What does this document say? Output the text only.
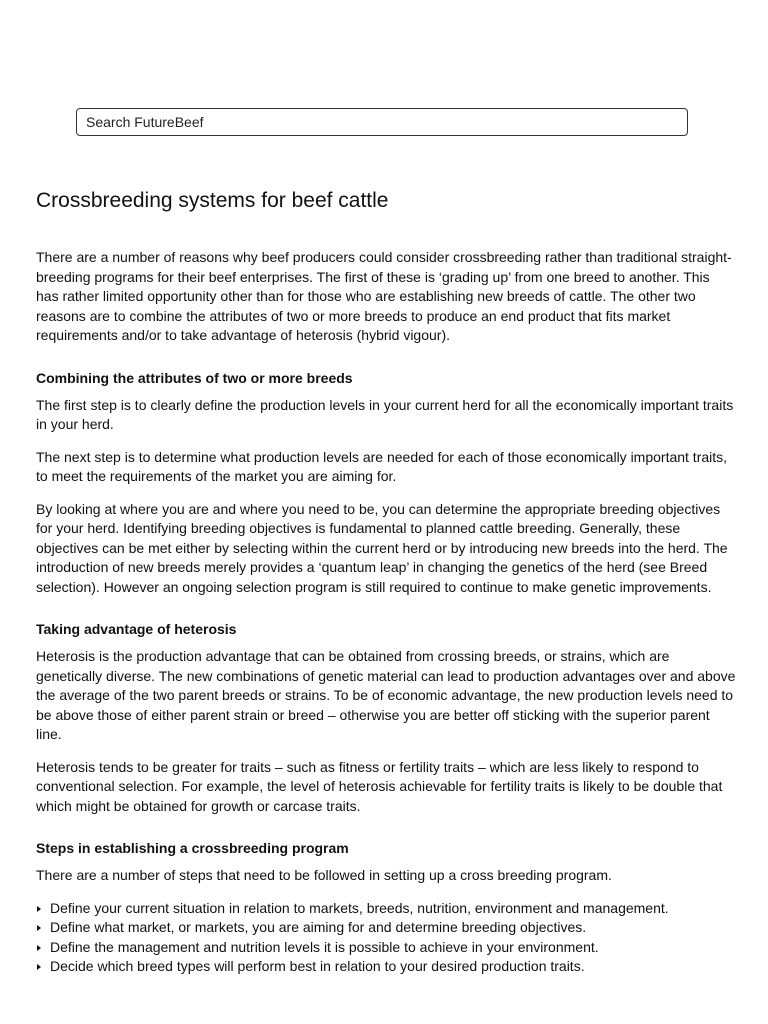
Search FutureBeef
Crossbreeding systems for beef cattle

There are a number of reasons why beef producers could consider crossbreeding rather than traditional straight-breeding programs for their beef enterprises. The first of these is ‘grading up’ from one breed to another. This has rather limited opportunity other than for those who are establishing new breeds of cattle. The other two reasons are to combine the attributes of two or more breeds to produce an end product that fits market requirements and/or to take advantage of heterosis (hybrid vigour).

Combining the attributes of two or more breeds

The first step is to clearly define the production levels in your current herd for all the economically important traits in your herd.

The next step is to determine what production levels are needed for each of those economically important traits, to meet the requirements of the market you are aiming for.

By looking at where you are and where you need to be, you can determine the appropriate breeding objectives for your herd. Identifying breeding objectives is fundamental to planned cattle breeding. Generally, these objectives can be met either by selecting within the current herd or by introducing new breeds into the herd. The introduction of new breeds merely provides a ‘quantum leap’ in changing the genetics of the herd (see Breed selection). However an ongoing selection program is still required to continue to make genetic improvements.

Taking advantage of heterosis

Heterosis is the production advantage that can be obtained from crossing breeds, or strains, which are genetically diverse. The new combinations of genetic material can lead to production advantages over and above the average of the two parent breeds or strains. To be of economic advantage, the new production levels need to be above those of either parent strain or breed – otherwise you are better off sticking with the superior parent line.

Heterosis tends to be greater for traits – such as fitness or fertility traits – which are less likely to respond to conventional selection. For example, the level of heterosis achievable for fertility traits is likely to be double that which might be obtained for growth or carcase traits.

Steps in establishing a crossbreeding program

There are a number of steps that need to be followed in setting up a cross breeding program.

Define your current situation in relation to markets, breeds, nutrition, environment and management.
Define what market, or markets, you are aiming for and determine breeding objectives.
Define the management and nutrition levels it is possible to achieve in your environment.
Decide which breed types will perform best in relation to your desired production traits.
